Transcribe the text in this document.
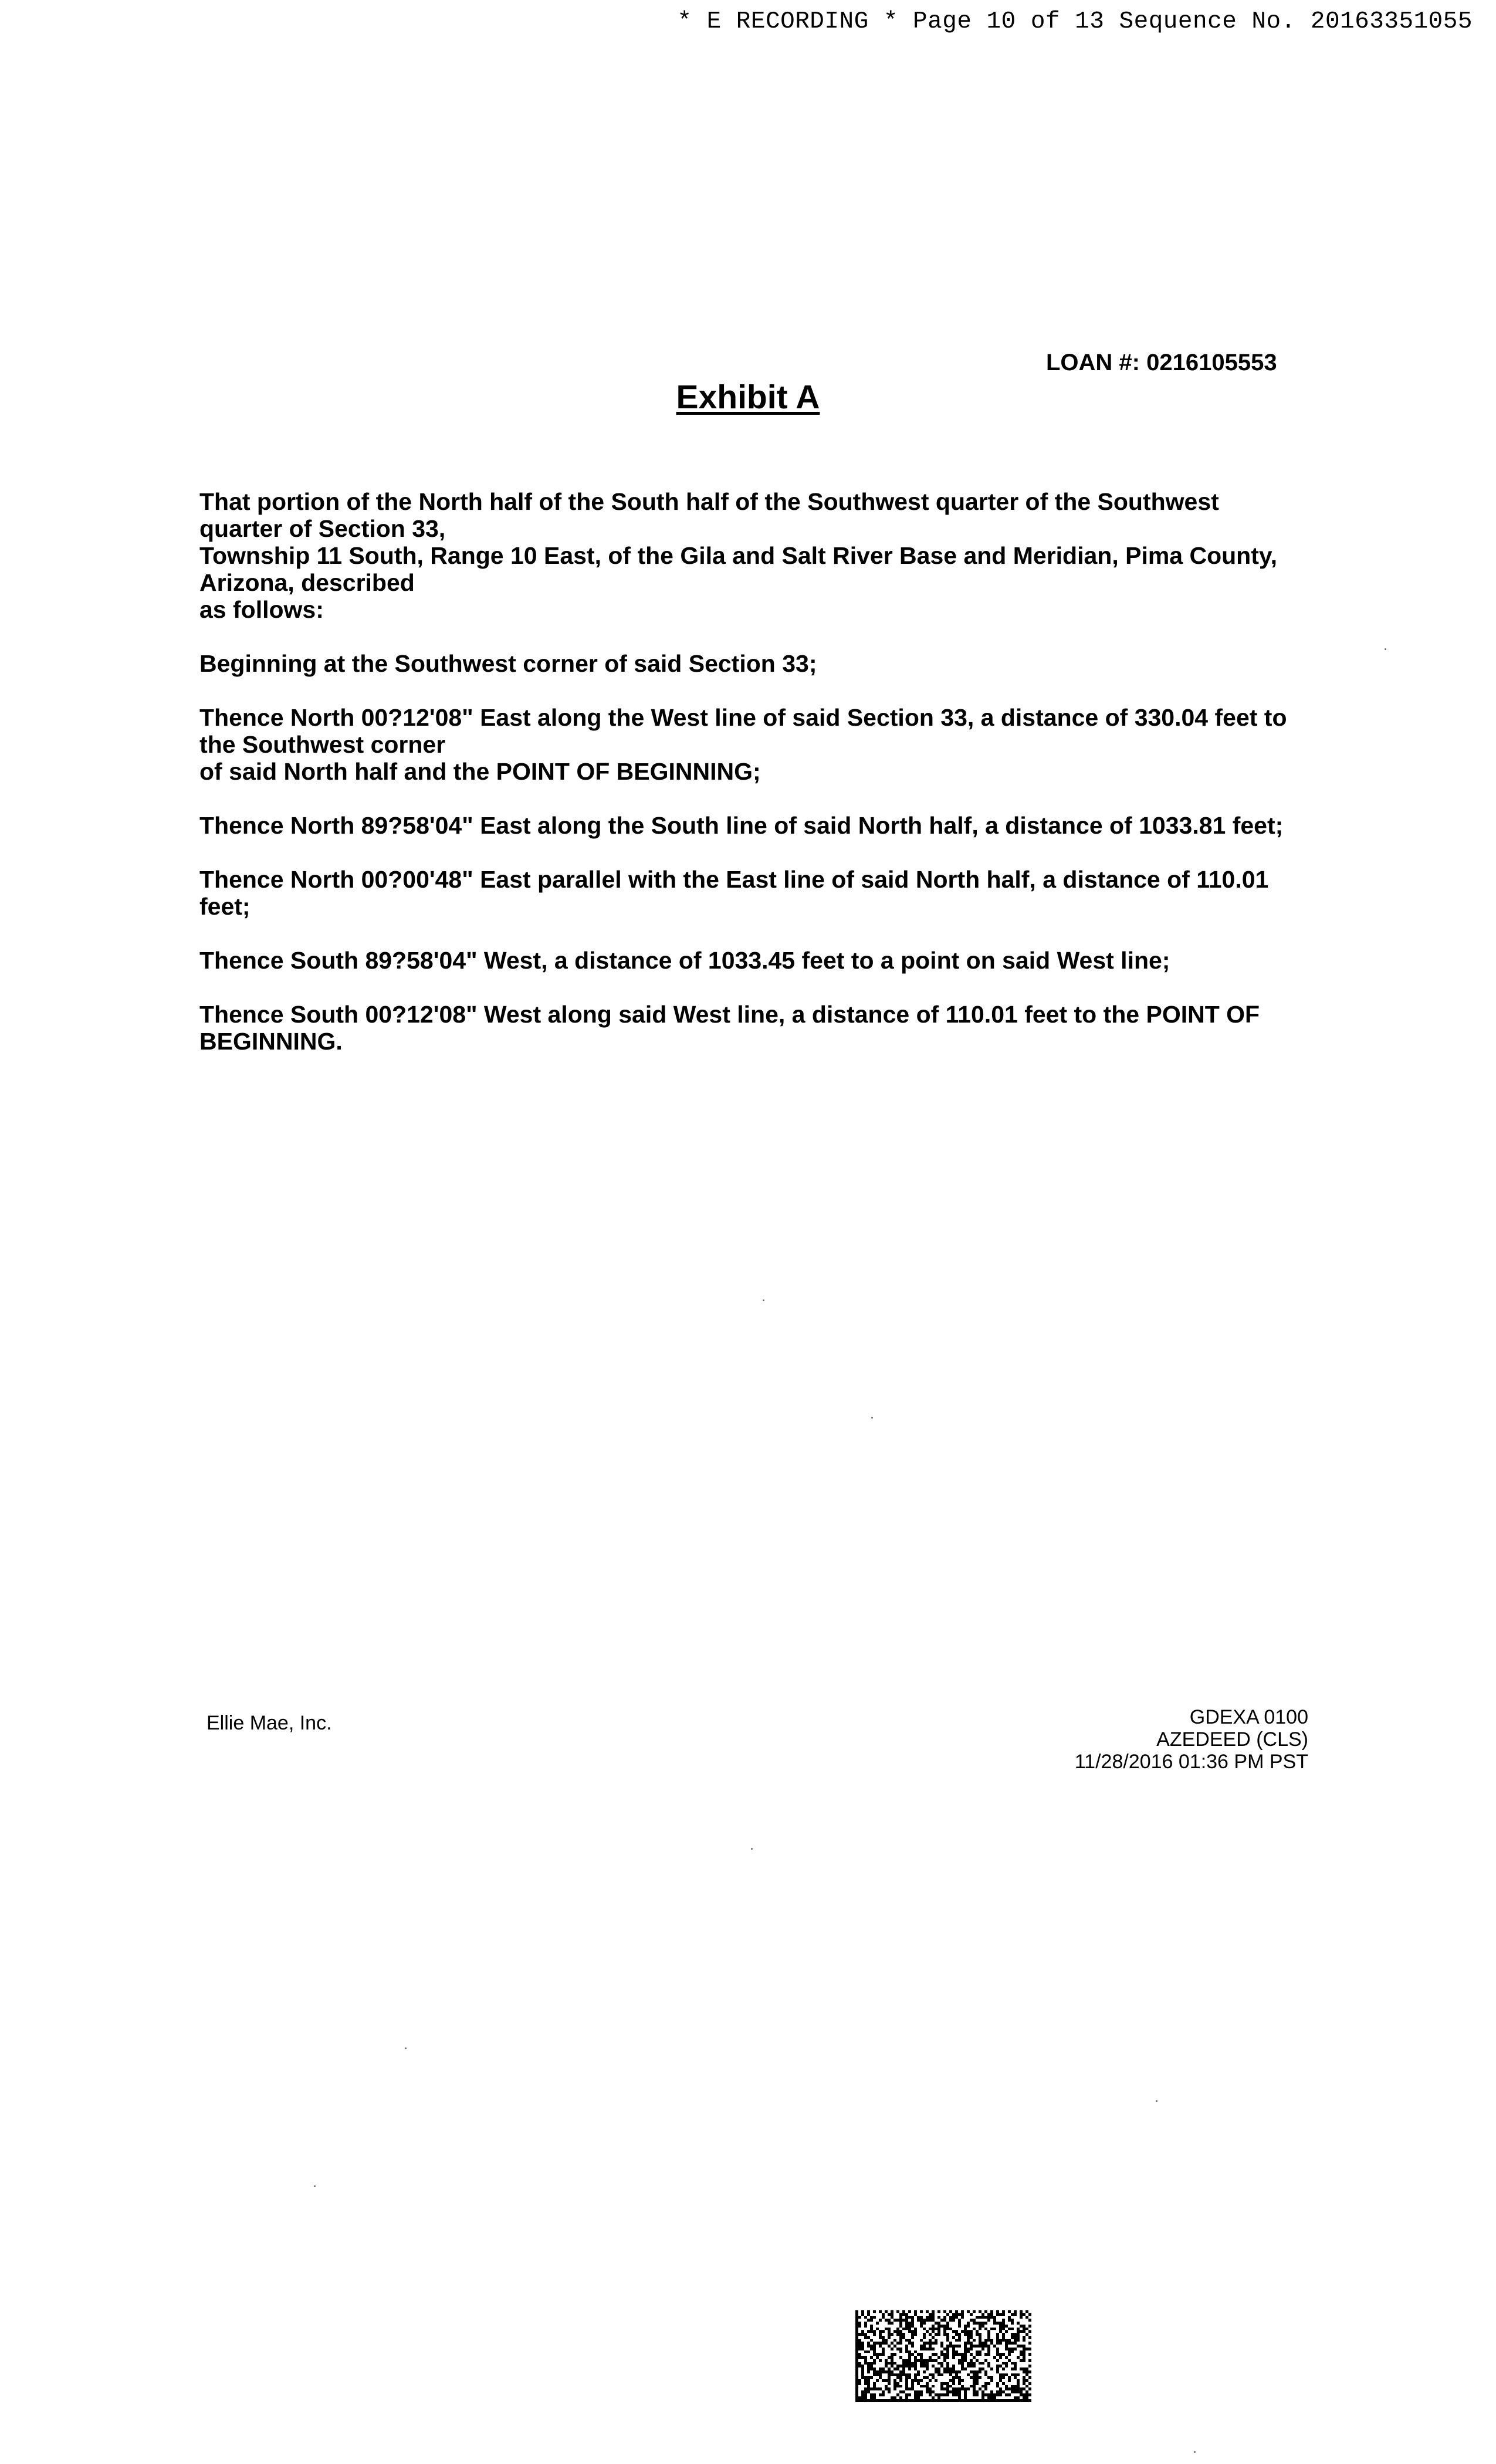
* E RECORDING * Page 10 of 13 Sequence No. 20163351055
LOAN #: 0216105553
Exhibit A

That portion of the North half of the South half of the Southwest quarter of the Southwest
quarter of Section 33,
Township 11 South, Range 10 East, of the Gila and Salt River Base and Meridian, Pima County,
Arizona, described
as follows:

Beginning at the Southwest corner of said Section 33;

Thence North 00?12'08" East along the West line of said Section 33, a distance of 330.04 feet to
the Southwest corner
of said North half and the POINT OF BEGINNING;

Thence North 89?58'04" East along the South line of said North half, a distance of 1033.81 feet;

Thence North 00?00'48" East parallel with the East line of said North half, a distance of 110.01
feet;

Thence South 89?58'04" West, a distance of 1033.45 feet to a point on said West line;

Thence South 00?12'08" West along said West line, a distance of 110.01 feet to the POINT OF
BEGINNING.

Ellie Mae, Inc.	GDEXA 0100
AZEDEED (CLS)
11/28/2016 01:36 PM PST
